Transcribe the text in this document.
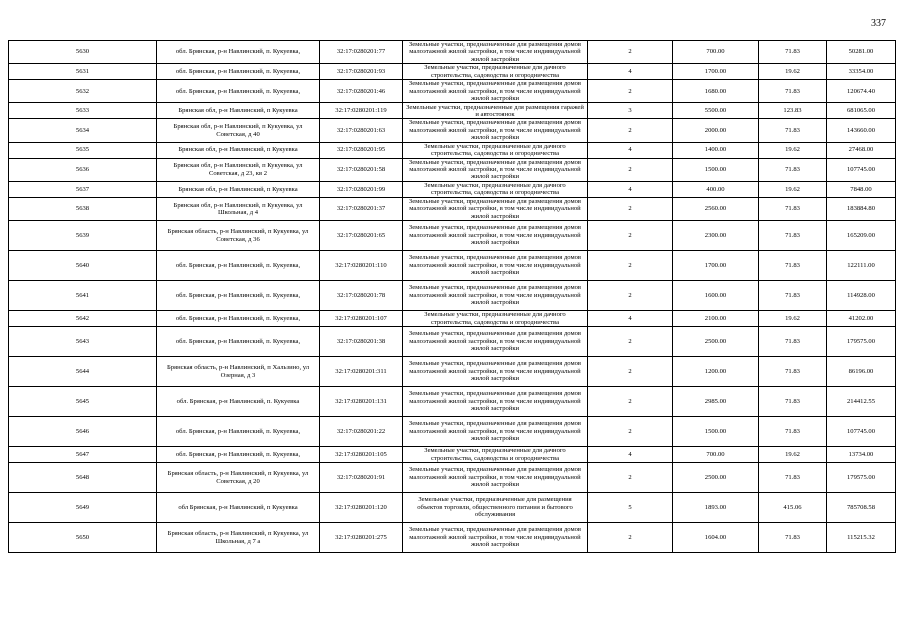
337
5630	обл. Брянская, р-н Навлинский, п. Кукуевка,	32:17:0280201:77	Земельные участки, предназначенные для размещения домов малоэтажной жилой застройки, в том числе индивидуальной жилой застройки	2	700.00	71.83	50281.00
5631	обл. Брянская, р-н Навлинский, п. Кукуевка,	32:17:0280201:93	Земельные участки, предназначенные для дачного строительства, садоводства и огородничества	4	1700.00	19.62	33354.00
5632	обл. Брянская, р-н Навлинский, п. Кукуевка,	32:17:0280201:46	Земельные участки, предназначенные для размещения домов малоэтажной жилой застройки, в том числе индивидуальной жилой застройки	2	1680.00	71.83	120674.40
5633	Брянская обл, р-н Навлинский, п Кукуевка	32:17:0280201:119	Земельные участки, предназначенные для размещения гаражей и автостоянок	3	5500.00	123.83	681065.00
5634	Брянская обл, р-н Навлинский, п Кукуевка, ул Советская, д 40	32:17:0280201:63	Земельные участки, предназначенные для размещения домов малоэтажной жилой застройки, в том числе индивидуальной жилой застройки	2	2000.00	71.83	143660.00
5635	Брянская обл, р-н Навлинский, п Кукуевка	32:17:0280201:95	Земельные участки, предназначенные для дачного строительства, садоводства и огородничества	4	1400.00	19.62	27468.00
5636	Брянская обл, р-н Навлинский, п Кукуевка, ул Советская, д 23, кв 2	32:17:0280201:58	Земельные участки, предназначенные для размещения домов малоэтажной жилой застройки, в том числе индивидуальной жилой застройки	2	1500.00	71.83	107745.00
5637	Брянская обл, р-н Навлинский, п Кукуевка	32:17:0280201:99	Земельные участки, предназначенные для дачного строительства, садоводства и огородничества	4	400.00	19.62	7848.00
5638	Брянская обл, р-н Навлинский, п Кукуевка, ул Школьная, д 4	32:17:0280201:37	Земельные участки, предназначенные для размещения домов малоэтажной жилой застройки, в том числе индивидуальной жилой застройки	2	2560.00	71.83	183884.80
5639	Брянская область, р-н Навлинский, п Кукуевка, ул Советская, д 36	32:17:0280201:65	Земельные участки, предназначенные для размещения домов малоэтажной жилой застройки, в том числе индивидуальной жилой застройки	2	2300.00	71.83	165209.00
5640	обл. Брянская, р-н Навлинский, п. Кукуевка,	32:17:0280201:110	Земельные участки, предназначенные для размещения домов малоэтажной жилой застройки, в том числе индивидуальной жилой застройки	2	1700.00	71.83	122111.00
5641	обл. Брянская, р-н Навлинский, п. Кукуевка,	32:17:0280201:78	Земельные участки, предназначенные для размещения домов малоэтажной жилой застройки, в том числе индивидуальной жилой застройки	2	1600.00	71.83	114928.00
5642	обл. Брянская, р-н Навлинский, п. Кукуевка,	32:17:0280201:107	Земельные участки, предназначенные для дачного строительства, садоводства и огородничества	4	2100.00	19.62	41202.00
5643	обл. Брянская, р-н Навлинский, п. Кукуевка,	32:17:0280201:38	Земельные участки, предназначенные для размещения домов малоэтажной жилой застройки, в том числе индивидуальной жилой застройки	2	2500.00	71.83	179575.00
5644	Брянская область, р-н Навлинский, п Хальзино, ул Озерная, д 3	32:17:0280201:311	Земельные участки, предназначенные для размещения домов малоэтажной жилой застройки, в том числе индивидуальной жилой застройки	2	1200.00	71.83	86196.00
5645	обл. Брянская, р-н Навлинский, п. Кукуевка	32:17:0280201:131	Земельные участки, предназначенные для размещения домов малоэтажной жилой застройки, в том числе индивидуальной жилой застройки	2	2985.00	71.83	214412.55
5646	обл. Брянская, р-н Навлинский, п. Кукуевка,	32:17:0280201:22	Земельные участки, предназначенные для размещения домов малоэтажной жилой застройки, в том числе индивидуальной жилой застройки	2	1500.00	71.83	107745.00
5647	обл. Брянская, р-н Навлинский, п. Кукуевка,	32:17:0280201:105	Земельные участки, предназначенные для дачного строительства, садоводства и огородничества	4	700.00	19.62	13734.00
5648	Брянская область, р-н Навлинский, п Кукуевка, ул Советская, д 20	32:17:0280201:91	Земельные участки, предназначенные для размещения домов малоэтажной жилой застройки, в том числе индивидуальной жилой застройки	2	2500.00	71.83	179575.00
5649	обл Брянская, р-н Навлинский, п Кукуевка	32:17:0280201:120	Земельные участки, предназначенные для размещения объектов торговли, общественного питания и бытового обслуживания	5	1893.00	415.06	785708.58
5650	Брянская область, р-н Навлинский, п Кукуевка, ул Школьная, д 7 а	32:17:0280201:275	Земельные участки, предназначенные для размещения домов малоэтажной жилой застройки, в том числе индивидуальной жилой застройки	2	1604.00	71.83	115215.32
